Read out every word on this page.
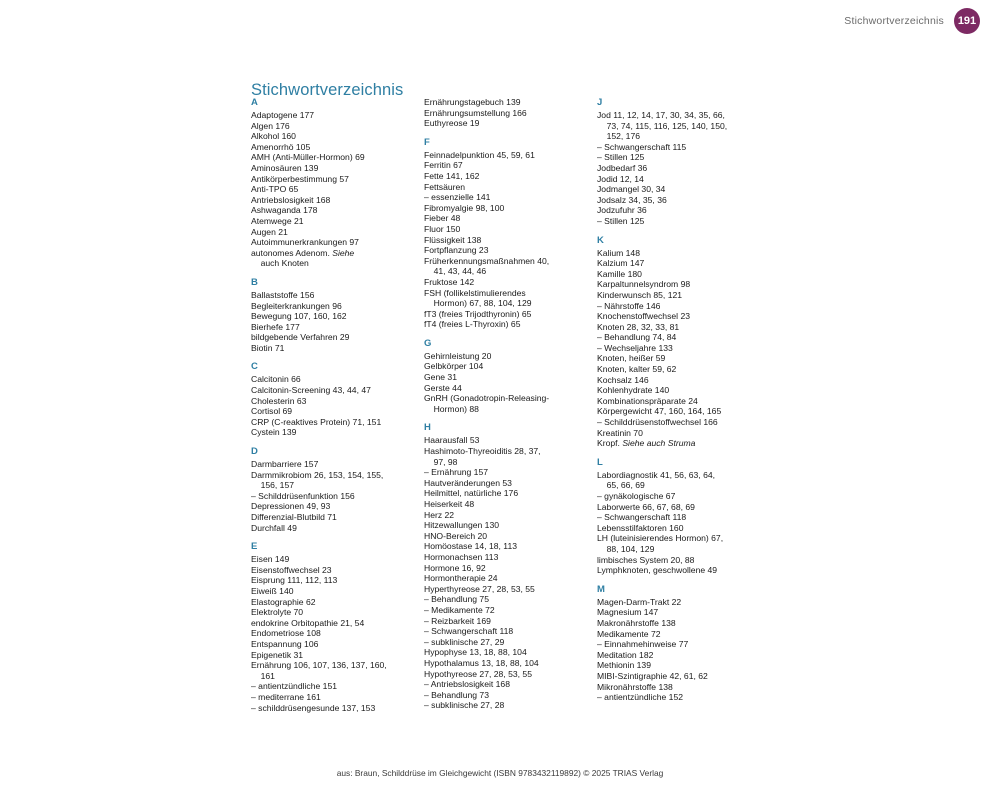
Stichwortverzeichnis	191
Stichwortverzeichnis
A
Adaptogene 177
Algen 176
Alkohol 160
Amenorrhö 105
AMH (Anti-Müller-Hormon) 69
Aminosäuren 139
Antikörperbestimmung 57
Anti-TPO 65
Antriebslosigkeit 168
Ashwaganda 178
Atemwege 21
Augen 21
Autoimmunerkrankungen 97
autonomes Adenom. Siehe
auch Knoten
B
Ballaststoffe 156
Begleiterkrankungen 96
Bewegung 107, 160, 162
Bierhefe 177
bildgebende Verfahren 29
Biotin 71
C
Calcitonin 66
Calcitonin-Screening 43, 44, 47
Cholesterin 63
Cortisol 69
CRP (C-reaktives Protein) 71, 151
Cystein 139
D
Darmbarriere 157
Darmmikrobiom 26, 153, 154, 155,
156, 157
– Schilddrüsenfunktion 156
Depressionen 49, 93
Differenzial-Blutbild 71
Durchfall 49
E
Eisen 149
Eisenstoffwechsel 23
Eisprung 111, 112, 113
Eiweiß 140
Elastographie 62
Elektrolyte 70
endokrine Orbitopathie 21, 54
Endometriose 108
Entspannung 106
Epigenetik 31
Ernährung 106, 107, 136, 137, 160,
161
– antientzündliche 151
– mediterrane 161
– schilddrüsengesunde 137, 153
Ernährungstagebuch 139
Ernährungsumstellung 166
Euthyreose 19
F
Feinnadelpunktion 45, 59, 61
Ferritin 67
Fette 141, 162
Fettsäuren
– essenzielle 141
Fibromyalgie 98, 100
Fieber 48
Fluor 150
Flüssigkeit 138
Fortpflanzung 23
Früherkennungsmaßnahmen 40,
41, 43, 44, 46
Fruktose 142
FSH (follikelstimulierendes
Hormon) 67, 88, 104, 129
fT3 (freies Trijodthyronin) 65
fT4 (freies L-Thyroxin) 65
G
Gehirnleistung 20
Gelbkörper 104
Gene 31
Gerste 44
GnRH (Gonadotropin-Releasing-
Hormon) 88
H
Haarausfall 53
Hashimoto-Thyreoiditis 28, 37,
97, 98
– Ernährung 157
Hautveränderungen 53
Heilmittel, natürliche 176
Heiserkeit 48
Herz 22
Hitzewallungen 130
HNO-Bereich 20
Homöostase 14, 18, 113
Hormonachsen 113
Hormone 16, 92
Hormontherapie 24
Hyperthyreose 27, 28, 53, 55
– Behandlung 75
– Medikamente 72
– Reizbarkeit 169
– Schwangerschaft 118
– subklinische 27, 29
Hypophyse 13, 18, 88, 104
Hypothalamus 13, 18, 88, 104
Hypothyreose 27, 28, 53, 55
– Antriebslosigkeit 168
– Behandlung 73
– subklinische 27, 28
J
Jod 11, 12, 14, 17, 30, 34, 35, 66,
73, 74, 115, 116, 125, 140, 150,
152, 176
– Schwangerschaft 115
– Stillen 125
Jodbedarf 36
Jodid 12, 14
Jodmangel 30, 34
Jodsalz 34, 35, 36
Jodzufuhr 36
– Stillen 125
K
Kalium 148
Kalzium 147
Kamille 180
Karpaltunnelsyndrom 98
Kinderwunsch 85, 121
– Nährstoffe 146
Knochenstoffwechsel 23
Knoten 28, 32, 33, 81
– Behandlung 74, 84
– Wechseljahre 133
Knoten, heißer 59
Knoten, kalter 59, 62
Kochsalz 146
Kohlenhydrate 140
Kombinationspräparate 24
Körpergewicht 47, 160, 164, 165
– Schilddrüsenstoffwechsel 166
Kreatinin 70
Kropf. Siehe auch Struma
L
Labordiagnostik 41, 56, 63, 64,
65, 66, 69
– gynäkologische 67
Laborwerte 66, 67, 68, 69
– Schwangerschaft 118
Lebensstilfaktoren 160
LH (luteinisierendes Hormon) 67,
88, 104, 129
limbisches System 20, 88
Lymphknoten, geschwollene 49
M
Magen-Darm-Trakt 22
Magnesium 147
Makronährstoffe 138
Medikamente 72
– Einnahmehinweise 77
Meditation 182
Methionin 139
MIBI-Szintigraphie 42, 61, 62
Mikronährstoffe 138
– antientzündliche 152
aus: Braun, Schilddrüse im Gleichgewicht (ISBN 9783432119892) © 2025 TRIAS Verlag
